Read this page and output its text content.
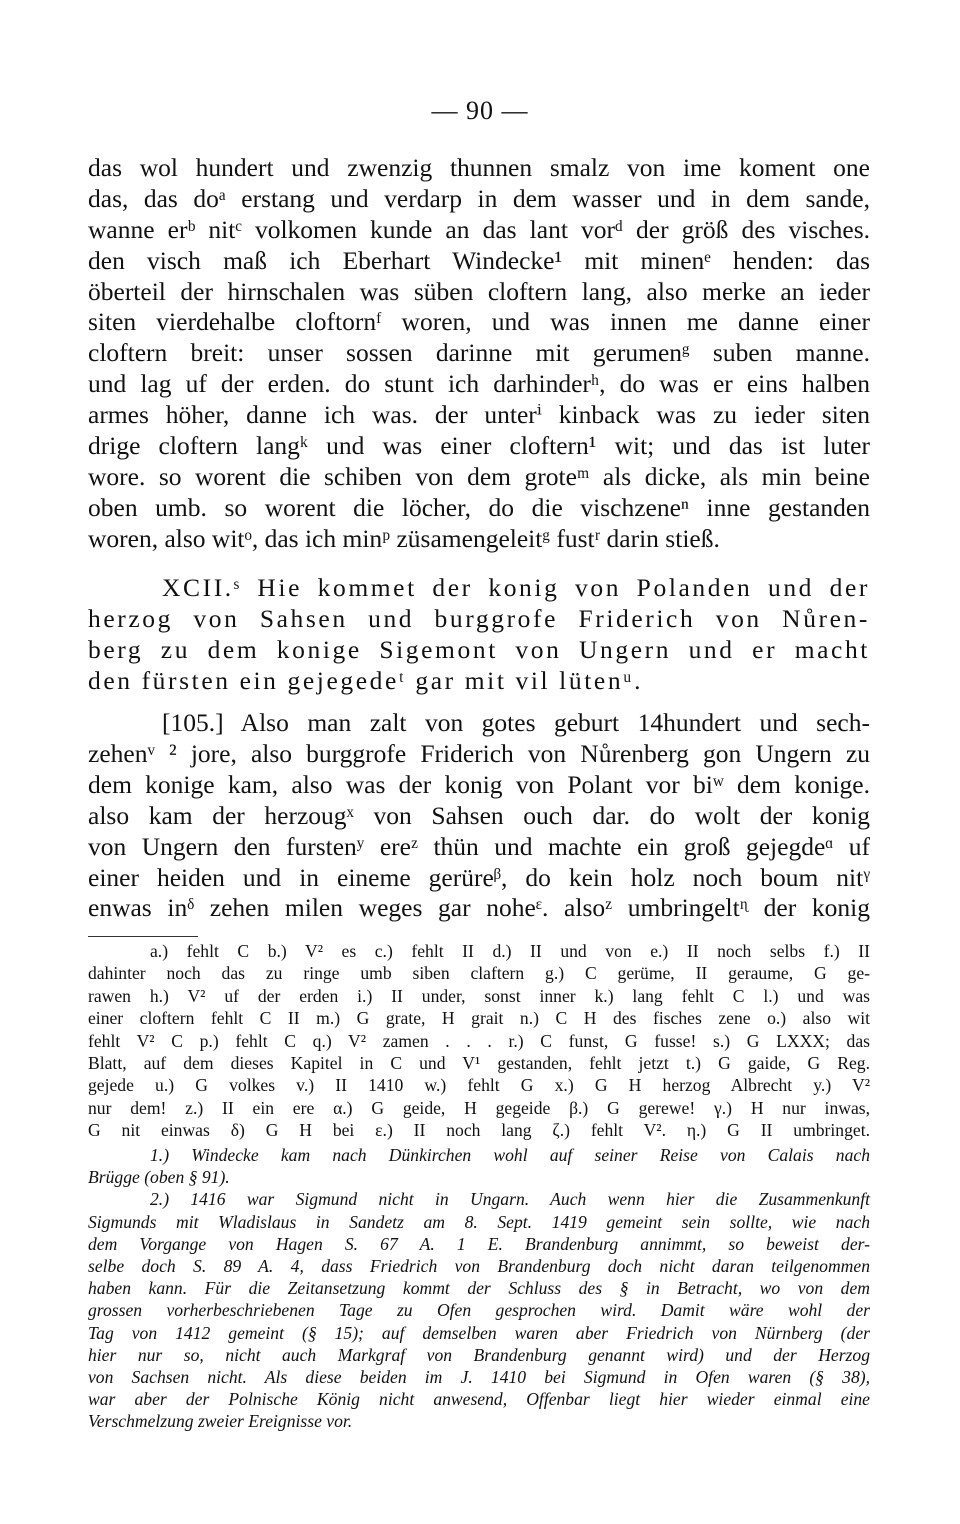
— 90 —
das wol hundert und zwenzig thunnen smalz von ime koment one
das, das doᵃ erstang und verdarp in dem wasser und in dem sande,
wanne erᵇ nitᶜ volkomen kunde an das lant vorᵈ der größ des visches.
den visch maß ich Eberhart Windecke¹ mit minenᵉ henden: das
öberteil der hirnschalen was süben cloftern lang, also merke an ieder
siten vierdehalbe cloftornᶠ woren, und was innen me danne einer
cloftern breit: unser sossen darinne mit gerumenᵍ suben manne.
und lag uf der erden. do stunt ich darhinderʰ, do was er eins halben
armes höher, danne ich was. der unterⁱ kinback was zu ieder siten
drige cloftern langᵏ und was einer cloftern¹ wit; und das ist luter
wore. so worent die schiben von dem groteᵐ als dicke, als min beine
oben umb. so worent die löcher, do die vischzeneⁿ inne gestanden
woren, also witᵒ, das ich minᵖ züsamengeleitᵍ fustʳ darin stieß.
XCII.ˢ Hie kommet der konig von Polanden und der
herzog von Sahsen und burggrofe Friderich von Nůren-
berg zu dem konige Sigemont von Ungern und er macht
den fürsten ein gejegedeᵗ gar mit vil lütenᵘ.
[105.] Also man zalt von gotes geburt 14hundert und sech-
zehenᵛ ² jore, also burggrofe Friderich von Nůrenberg gon Ungern zu
dem konige kam, also was der konig von Polant vor biʷ dem konige.
also kam der herzougˣ von Sahsen ouch dar. do wolt der konig
von Ungern den furstenʸ ereᶻ thün und machte ein groß gejegdeᵅ uf
einer heiden und in eineme gerüreᵝ, do kein holz noch boum nitᵞ
enwas inᵟ zehen milen weges gar noheᵋ. alsoᶻ umbringeltᶯ der konig
a.) fehlt C b.) V² es c.) fehlt II d.) II und von e.) II noch selbs f.) II
dahinter noch das zu ringe umb siben claftern g.) C gerüme, II geraume, G ge-
rawen h.) V² uf der erden i.) II under, sonst inner k.) lang fehlt C l.) und was
einer cloftern fehlt C II m.) G grate, H grait n.) C H des fisches zene o.) also wit
fehlt V² C p.) fehlt C q.) V² zamen . . . r.) C funst, G fusse! s.) G LXXX; das
Blatt, auf dem dieses Kapitel in C und V¹ gestanden, fehlt jetzt t.) G gaide, G Reg.
gejede u.) G volkes v.) II 1410 w.) fehlt G x.) G H herzog Albrecht y.) V²
nur dem! z.) II ein ere α.) G geide, H gegeide β.) G gerewe! γ.) H nur inwas,
G nit einwas δ) G H bei ε.) II noch lang ζ.) fehlt V². η.) G II umbringet.
1.) Windecke kam nach Dünkirchen wohl auf seiner Reise von Calais nach
Brügge (oben § 91).
2.) 1416 war Sigmund nicht in Ungarn. Auch wenn hier die Zusammenkunft
Sigmunds mit Wladislaus in Sandetz am 8. Sept. 1419 gemeint sein sollte, wie nach
dem Vorgange von Hagen S. 67 A. 1 E. Brandenburg annimmt, so beweist der-
selbe doch S. 89 A. 4, dass Friedrich von Brandenburg doch nicht daran teilgenommen
haben kann. Für die Zeitansetzung kommt der Schluss des § in Betracht, wo von dem
grossen vorherbeschriebenen Tage zu Ofen gesprochen wird. Damit wäre wohl der
Tag von 1412 gemeint (§ 15); auf demselben waren aber Friedrich von Nürnberg (der
hier nur so, nicht auch Markgraf von Brandenburg genannt wird) und der Herzog
von Sachsen nicht. Als diese beiden im J. 1410 bei Sigmund in Ofen waren (§ 38),
war aber der Polnische König nicht anwesend, Offenbar liegt hier wieder einmal eine
Verschmelzung zweier Ereignisse vor.
